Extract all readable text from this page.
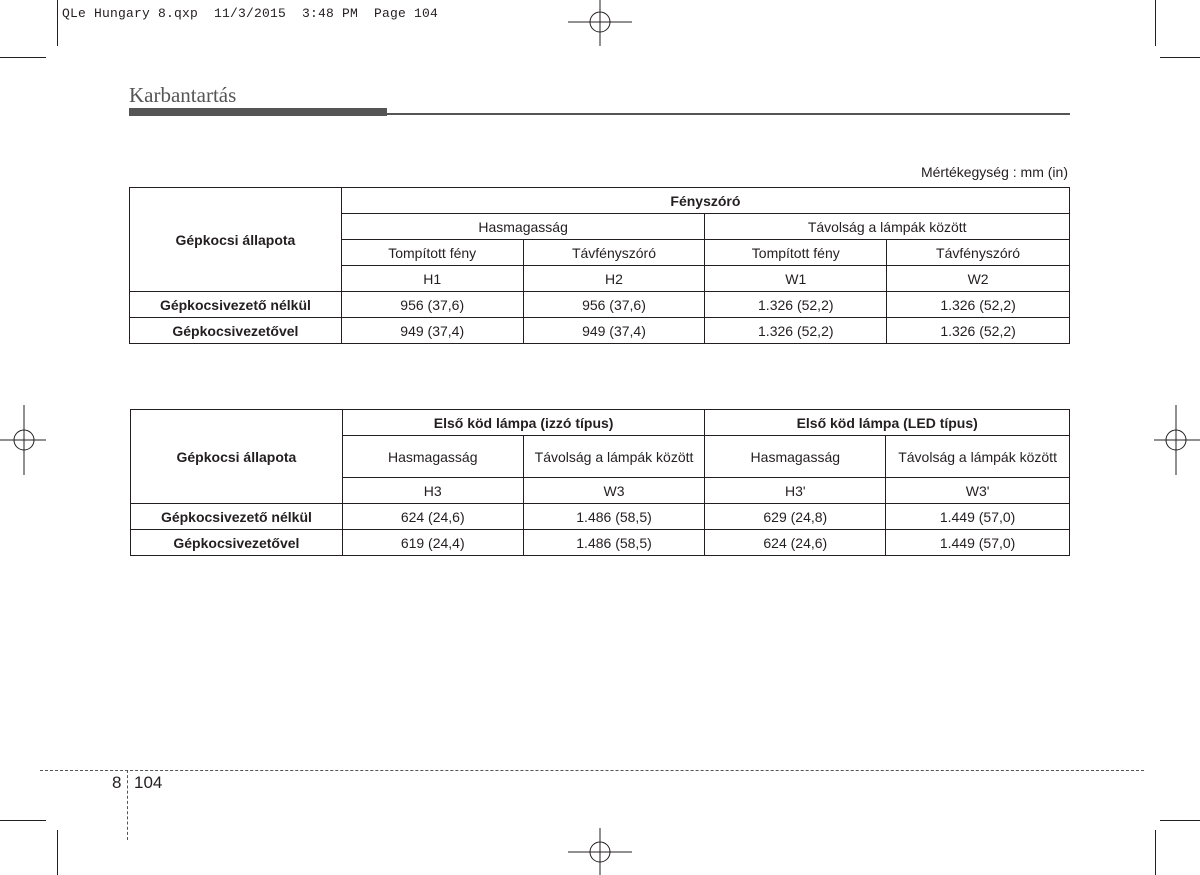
QLe Hungary 8.qxp  11/3/2015  3:48 PM  Page 104
Karbantartás
Mértékegység : mm (in)
Gépkocsi állapota	Fényszóró			
	Hasmagasság		Távolság a lámpák között	
	Tompított fény	Távfényszóró	Tompított fény	Távfényszóró
	H1	H2	W1	W2
Gépkocsivezető nélkül	956 (37,6)	956 (37,6)	1.326 (52,2)	1.326 (52,2)
Gépkocsivezetővel	949 (37,4)	949 (37,4)	1.326 (52,2)	1.326 (52,2)
Gépkocsi állapota	Első köd lámpa (izzó típus)		Első köd lámpa (LED típus)	
	Hasmagasság	Távolság a lámpák között	Hasmagasság	Távolság a lámpák között
	H3	W3	H3'	W3'
Gépkocsivezető nélkül	624 (24,6)	1.486 (58,5)	629 (24,8)	1.449 (57,0)
Gépkocsivezetővel	619 (24,4)	1.486 (58,5)	624 (24,6)	1.449 (57,0)
8 104
